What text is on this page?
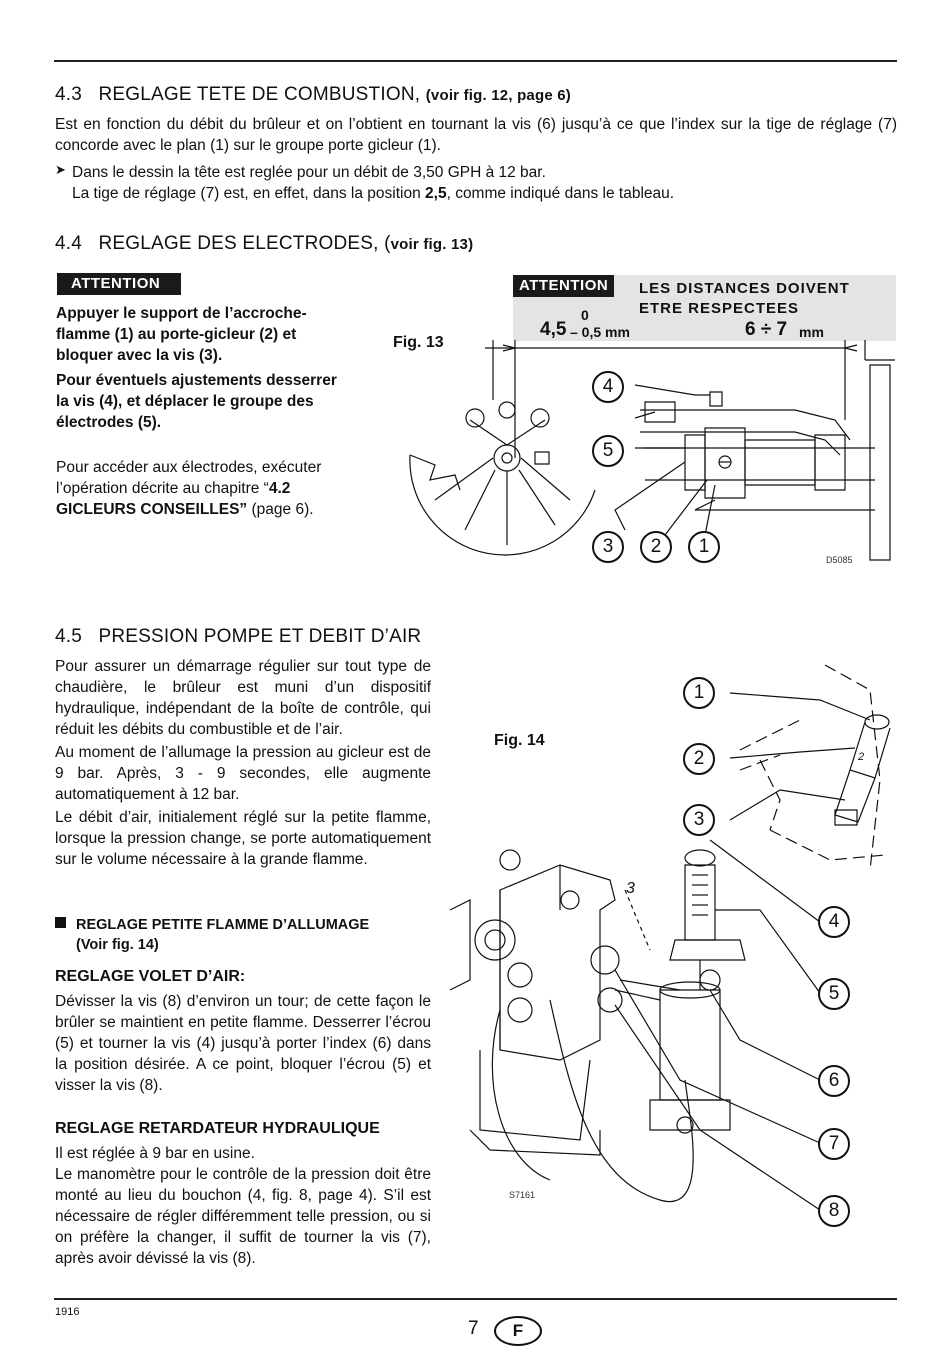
4.3 REGLAGE TETE DE COMBUSTION, (voir fig. 12, page 6)

Est en fonction du débit du brûleur et on l’obtient en tournant la vis (6) jusqu’à ce que l’index sur la tige de réglage (7) concorde avec le plan (1) sur le groupe porte gicleur (1).

➤ Dans le dessin la tête est reglée pour un débit de 3,50 GPH à 12 bar.

La tige de réglage (7) est, en effet, dans la position 2,5, comme indiqué dans le tableau.

4.4 REGLAGE DES ELECTRODES, (voir fig. 13)
ATTENTION

Appuyer le support de l’accroche-flamme (1) au porte-gicleur (2) et bloquer avec la vis (3).

Pour éventuels ajustements desserrer la vis (4), et déplacer le groupe des électrodes (5).

Pour accéder aux électrodes, exécuter l’opération décrite au chapitre “4.2 GICLEURS CONSEILLES” (page 6).

Fig. 13
ATTENTION	LES DISTANCES DOIVENT
ETRE RESPECTEES
4,5
0
– 0,5 mm	6 ÷ 7 mm
4
5
3	2	1
D5085
4.5 PRESSION POMPE ET DEBIT D’AIR

Pour assurer un démarrage régulier sur tout type de chaudière, le brûleur est muni d’un dispositif hydraulique, indépendant de la boîte de contrôle, qui réduit les débits du combustible et de l’air.

Au moment de l’allumage la pression au gicleur est de 9 bar. Après, 3 - 9 secondes, elle augmente automatiquement à 12 bar.

Le débit d’air, initialement réglé sur la petite flamme, lorsque la pression change, se porte automatiquement sur le volume nécessaire à la grande flamme.

REGLAGE PETITE FLAMME D’ALLUMAGE
(Voir fig. 14)
REGLAGE VOLET D’AIR:

Dévisser la vis (8) d’environ un tour; de cette façon le brûler se maintient en petite flamme. Desserrer l’écrou (5) et tourner la vis (4) jusqu’à porter l’index (6) dans la position désirée. A ce point, bloquer l’écrou (5) et visser la vis (8).

REGLAGE RETARDATEUR HYDRAULIQUE

Il est réglée à 9 bar en usine.

Le manomètre pour le contrôle de la pression doit être monté au lieu du bouchon (4, fig. 8, page 4). S’il est nécessaire de régler différemment telle pression, ou si on préfère la changer, il suffit de tourner la vis (7), après avoir dévissé la vis (8).

Fig. 14
3
2
1
2
3
4
5
6
7
8
S7161
1916
7	F
